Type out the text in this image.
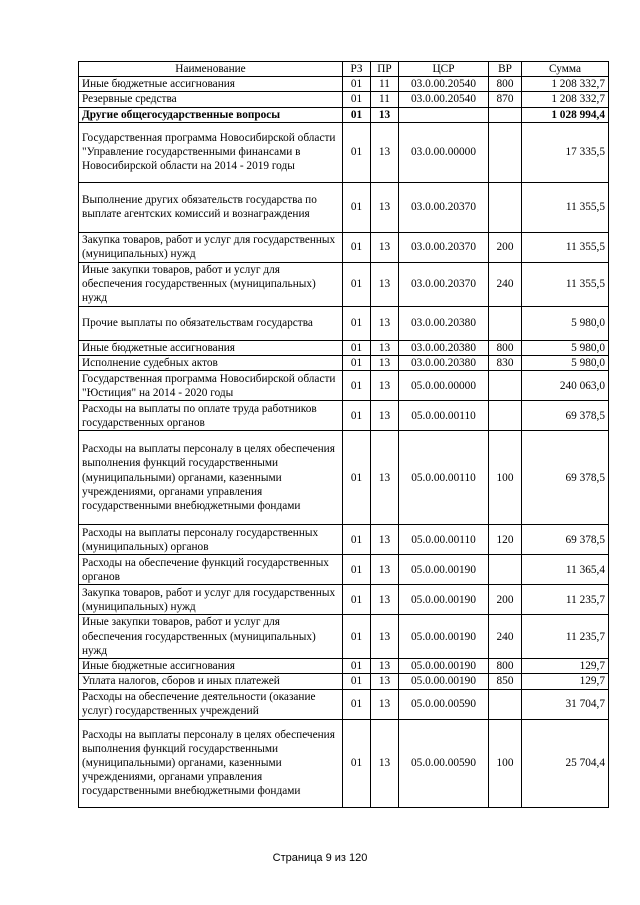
Наименование	РЗ	ПР	ЦСР	ВР	Сумма
Иные бюджетные ассигнования	01	11	03.0.00.20540	800	1 208 332,7
Резервные средства	01	11	03.0.00.20540	870	1 208 332,7
Другие общегосударственные вопросы	01	13			1 028 994,4
Государственная программа Новосибирской области "Управление государственными финансами в Новосибирской области на 2014 - 2019 годы	01	13	03.0.00.00000		17 335,5
Выполнение других обязательств государства по выплате агентских комиссий и вознаграждения	01	13	03.0.00.20370		11 355,5
Закупка товаров, работ и услуг для государственных (муниципальных) нужд	01	13	03.0.00.20370	200	11 355,5
Иные закупки товаров, работ и услуг для обеспечения государственных (муниципальных) нужд	01	13	03.0.00.20370	240	11 355,5
Прочие выплаты по обязательствам государства	01	13	03.0.00.20380		5 980,0
Иные бюджетные ассигнования	01	13	03.0.00.20380	800	5 980,0
Исполнение судебных актов	01	13	03.0.00.20380	830	5 980,0
Государственная программа Новосибирской области "Юстиция" на 2014 - 2020 годы	01	13	05.0.00.00000		240 063,0
Расходы на выплаты по оплате труда работников государственных органов	01	13	05.0.00.00110		69 378,5
Расходы на выплаты персоналу в целях обеспечения выполнения функций государственными (муниципальными) органами, казенными учреждениями, органами управления государственными внебюджетными фондами	01	13	05.0.00.00110	100	69 378,5
Расходы на выплаты персоналу государственных (муниципальных) органов	01	13	05.0.00.00110	120	69 378,5
Расходы на обеспечение функций государственных органов	01	13	05.0.00.00190		11 365,4
Закупка товаров, работ и услуг для государственных (муниципальных) нужд	01	13	05.0.00.00190	200	11 235,7
Иные закупки товаров, работ и услуг для обеспечения государственных (муниципальных) нужд	01	13	05.0.00.00190	240	11 235,7
Иные бюджетные ассигнования	01	13	05.0.00.00190	800	129,7
Уплата налогов, сборов и иных платежей	01	13	05.0.00.00190	850	129,7
Расходы на обеспечение деятельности (оказание услуг) государственных учреждений	01	13	05.0.00.00590		31 704,7
Расходы на выплаты персоналу в целях обеспечения выполнения функций государственными (муниципальными) органами, казенными учреждениями, органами управления государственными внебюджетными фондами	01	13	05.0.00.00590	100	25 704,4
Страница 9 из 120
